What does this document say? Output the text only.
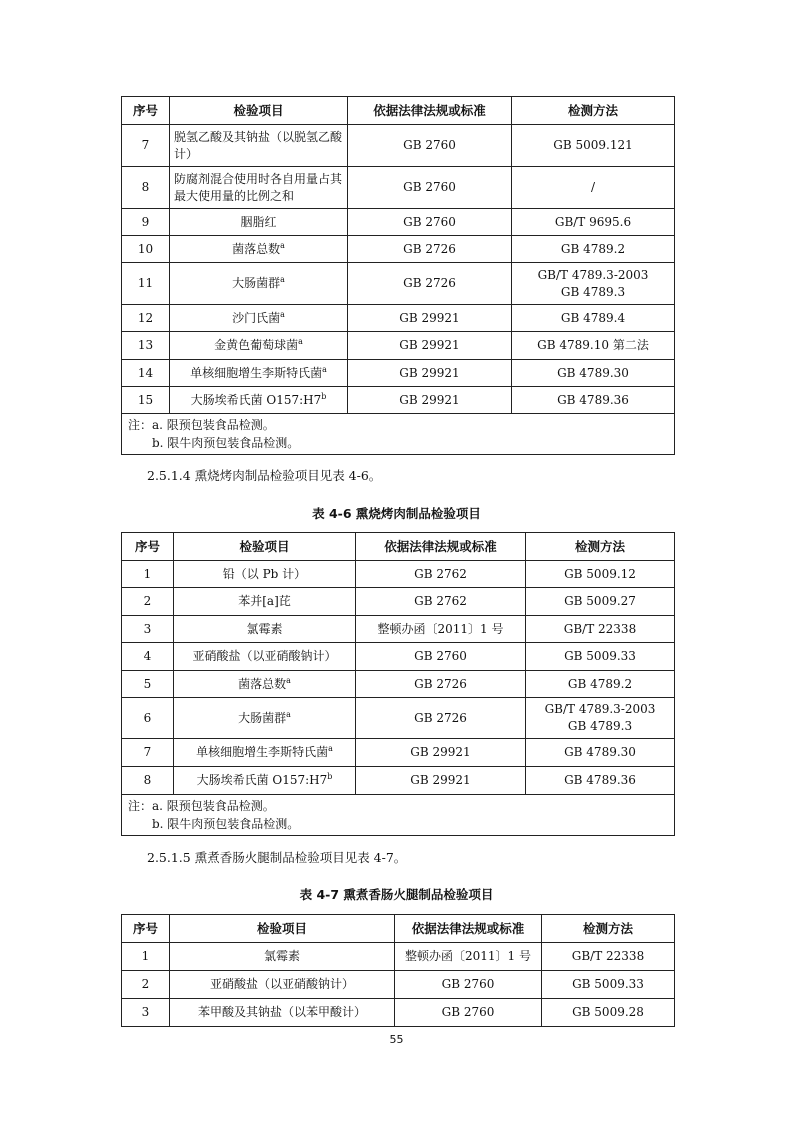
序号	检验项目	依据法律法规或标准	检测方法
7	脱氢乙酸及其钠盐（以脱氢乙酸计）	GB 2760	GB 5009.121
8	防腐剂混合使用时各自用量占其最大使用量的比例之和	GB 2760	/
9	胭脂红	GB 2760	GB/T 9695.6
10	菌落总数$^a$	GB 2726	GB 4789.2
11	大肠菌群$^a$	GB 2726	GB/T 4789.3-2003
GB 4789.3

12	沙门氏菌$^a$	GB 29921	GB 4789.4
13	金黄色葡萄球菌$^a$	GB 29921	GB 4789.10 第二法
14	单核细胞增生李斯特氏菌$^a$	GB 29921	GB 4789.30
15	大肠埃希氏菌 O157:H7$^b$	GB 29921	GB 4789.36

注：a. 限预包装食品检测。
b. 限牛肉预包装食品检测。			
2.5.1.4 熏烧烤肉制品检验项目见表 4-6。
表 4-6 熏烧烤肉制品检验项目
序号	检验项目	依据法律法规或标准	检测方法
1	铅（以 Pb 计）	GB 2762	GB 5009.12
2	苯并[a]芘	GB 2762	GB 5009.27
3	氯霉素	整顿办函〔2011〕1 号	GB/T 22338
4	亚硝酸盐（以亚硝酸钠计）	GB 2760	GB 5009.33
5	菌落总数$^a$	GB 2726	GB 4789.2
6	大肠菌群$^a$	GB 2726	GB/T 4789.3-2003
GB 4789.3

7	单核细胞增生李斯特氏菌$^a$	GB 29921	GB 4789.30
8	大肠埃希氏菌 O157:H7$^b$	GB 29921	GB 4789.36

注：a. 限预包装食品检测。
b. 限牛肉预包装食品检测。			
2.5.1.5 熏煮香肠火腿制品检验项目见表 4-7。
表 4-7 熏煮香肠火腿制品检验项目
序号	检验项目	依据法律法规或标准	检测方法
1	氯霉素	整顿办函〔2011〕1 号	GB/T 22338
2	亚硝酸盐（以亚硝酸钠计）	GB 2760	GB 5009.33
3	苯甲酸及其钠盐（以苯甲酸计）	GB 2760	GB 5009.28
55
